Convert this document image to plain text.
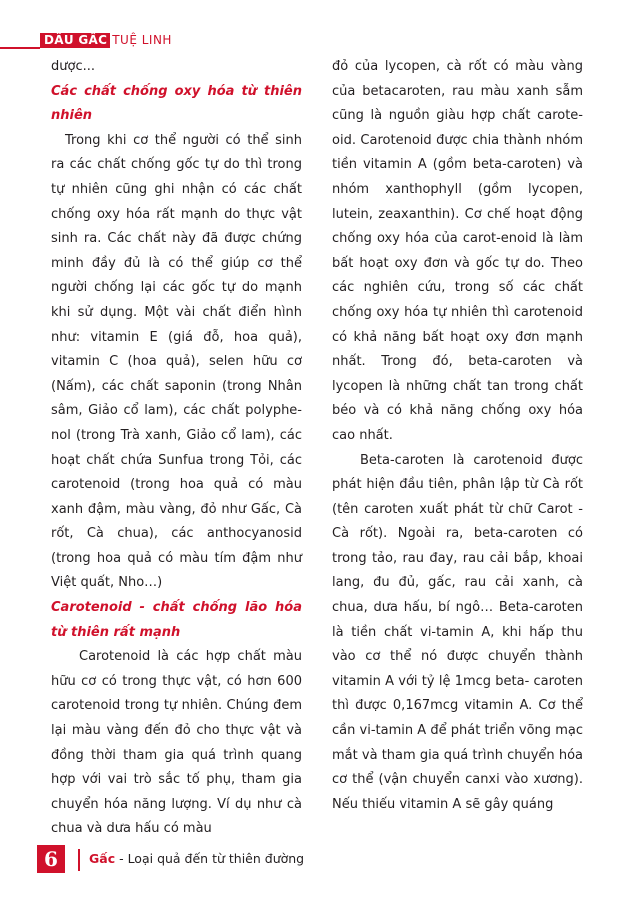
DẦU GẤC TUỆ LINH

dược...

Các chất chống oxy hóa từ thiên nhiên

Trong khi cơ thể người có thể sinh ra các chất chống gốc tự do thì trong tự nhiên cũng ghi nhận có các chất chống oxy hóa rất mạnh do thực vật sinh ra. Các chất này đã được chứng minh đầy đủ là có thể giúp cơ thể người chống lại các gốc tự do mạnh khi sử dụng. Một vài chất điển hình như: vitamin E (giá đỗ, hoa quả), vitamin C (hoa quả), selen hữu cơ (Nấm), các chất saponin (trong Nhân sâm, Giảo cổ lam), các chất polyphe-nol (trong Trà xanh, Giảo cổ lam), các hoạt chất chứa Sunfua trong Tỏi, các carotenoid (trong hoa quả có màu xanh đậm, màu vàng, đỏ như Gấc, Cà rốt, Cà chua), các anthocyanosid (trong hoa quả có màu tím đậm như Việt quất, Nho…)

Carotenoid - chất chống lão hóa từ thiên rất mạnh

Carotenoid là các hợp chất màu hữu cơ có trong thực vật, có hơn 600 carotenoid trong tự nhiên. Chúng đem lại màu vàng đến đỏ cho thực vật và đồng thời tham gia quá trình quang hợp với vai trò sắc tố phụ, tham gia chuyển hóa năng lượng. Ví dụ như cà chua và dưa hấu có màu

đỏ của lycopen, cà rốt có màu vàng của betacaroten, rau màu xanh sẫm cũng là nguồn giàu hợp chất carote-oid. Carotenoid được chia thành nhóm tiền vitamin A (gồm beta-caroten) và nhóm xanthophyll (gồm lycopen, lutein, zeaxanthin). Cơ chế hoạt động chống oxy hóa của carot-enoid là làm bất hoạt oxy đơn và gốc tự do. Theo các nghiên cứu, trong số các chất chống oxy hóa tự nhiên thì carotenoid có khả năng bất hoạt oxy đơn mạnh nhất. Trong đó, beta-caroten và lycopen là những chất tan trong chất béo và có khả năng chống oxy hóa cao nhất.

Beta-caroten là carotenoid được phát hiện đầu tiên, phân lập từ Cà rốt (tên caroten xuất phát từ chữ Carot - Cà rốt). Ngoài ra, beta-caroten có trong tảo, rau đay, rau cải bắp, khoai lang, đu đủ, gấc, rau cải xanh, cà chua, dưa hấu, bí ngô… Beta-caroten là tiền chất vi-tamin A, khi hấp thu vào cơ thể nó được chuyển thành vitamin A với tỷ lệ 1mcg beta- caroten thì được 0,167mcg vitamin A. Cơ thể cần vi-tamin A để phát triển võng mạc mắt và tham gia quá trình chuyển hóa cơ thể (vận chuyển canxi vào xương). Nếu thiếu vitamin A sẽ gây quáng

6	Gấc - Loại quả đến từ thiên đường
